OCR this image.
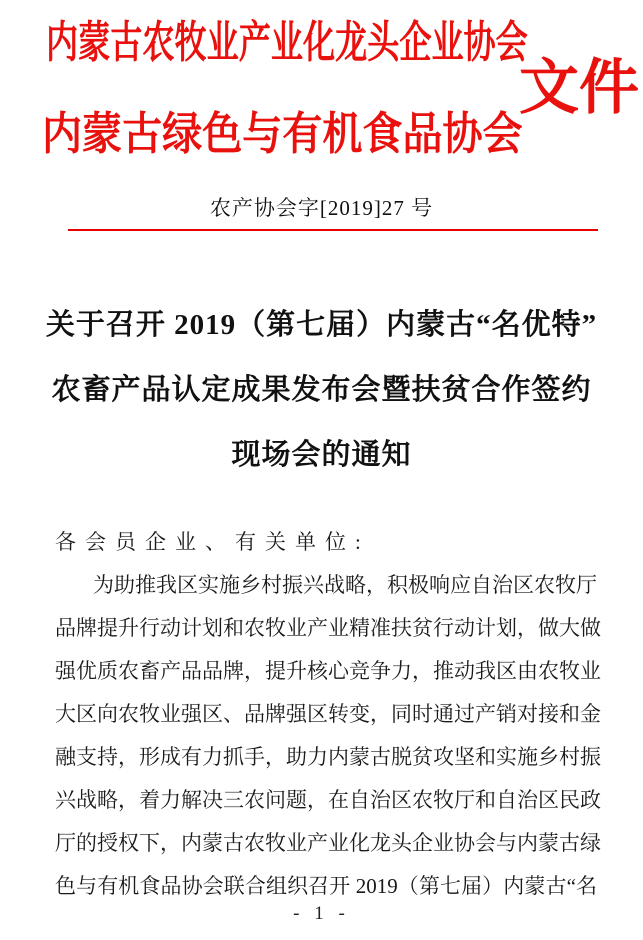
内蒙古农牧业产业化龙头企业协会
文件
内蒙古绿色与有机食品协会
农产协会字[2019]27 号
关于召开 2019（第七届）内蒙古“名优特”
农畜产品认定成果发布会暨扶贫合作签约
现场会的通知
各会员企业、有关单位:
为助推我区实施乡村振兴战略，积极响应自治区农牧厅
品牌提升行动计划和农牧业产业精准扶贫行动计划，做大做
强优质农畜产品品牌，提升核心竞争力，推动我区由农牧业
大区向农牧业强区、品牌强区转变，同时通过产销对接和金
融支持，形成有力抓手，助力内蒙古脱贫攻坚和实施乡村振
兴战略，着力解决三农问题，在自治区农牧厅和自治区民政
厅的授权下，内蒙古农牧业产业化龙头企业协会与内蒙古绿
色与有机食品协会联合组织召开 2019（第七届）内蒙古“名
- 1 -
